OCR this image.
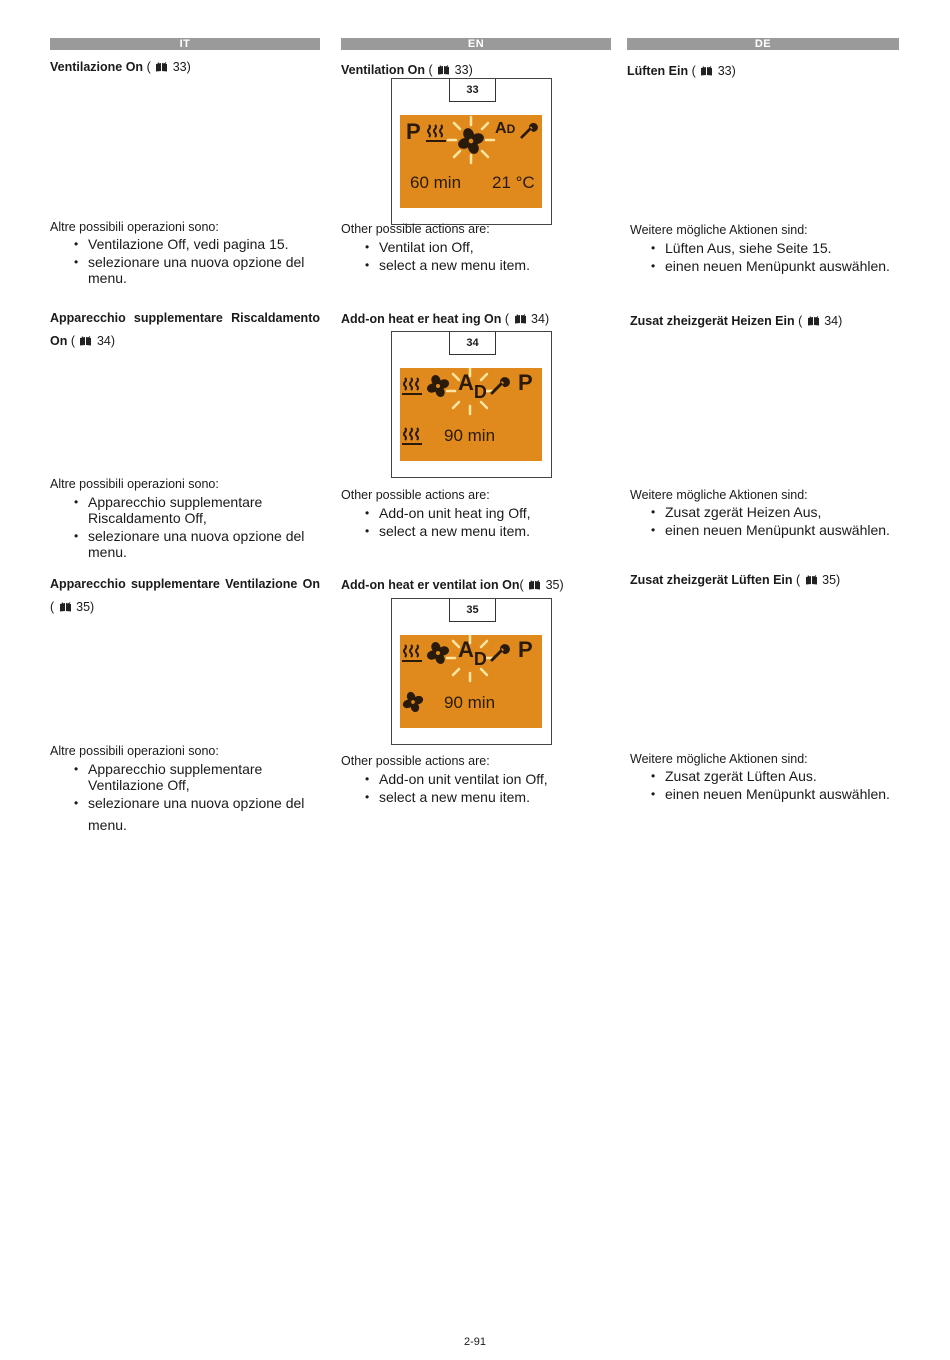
IT
Ventilazione On (  33)
Altre possibili operazioni sono:
• Ventilazione Off, vedi pagina 15.
• selezionare una nuova opzione del menu.
Apparecchio supplementare Riscaldamento
On (  34)
Altre possibili operazioni sono:
• Apparecchio supplementare Riscaldamento Off,
• selezionare una nuova opzione del menu.
Apparecchio supplementare Ventilazione On
(  35)
Altre possibili operazioni sono:
• Apparecchio supplementare Ventilazione Off,
• selezionare una nuova opzione del
menu.
EN
Ventilation On (  33)
33
P	AD
60 min 21 °C
Other possible actions are:
• Ventilat ion Off,
• select a new menu item.
Add-on heat er heat ing On (  34)
34
$A_D$ P
90 min
Other possible actions are:
• Add-on unit heat ing Off,
• select a new menu item.
Add-on heat er ventilat ion On(  35)
35
$A_D$ P
90 min
Other possible actions are:
• Add-on unit ventilat ion Off,
• select a new menu item.
DE
Lüften Ein (  33)
Weitere mögliche Aktionen sind:
• Lüften Aus, siehe Seite 15.
• einen neuen Menüpunkt auswählen.
Zusat zheizgerät Heizen Ein (  34)
Weitere mögliche Aktionen sind:
• Zusat zgerät Heizen Aus,
• einen neuen Menüpunkt auswählen.
Zusat zheizgerät Lüften Ein (  35)
Weitere mögliche Aktionen sind:
• Zusat zgerät Lüften Aus.
• einen neuen Menüpunkt auswählen.
2-91
